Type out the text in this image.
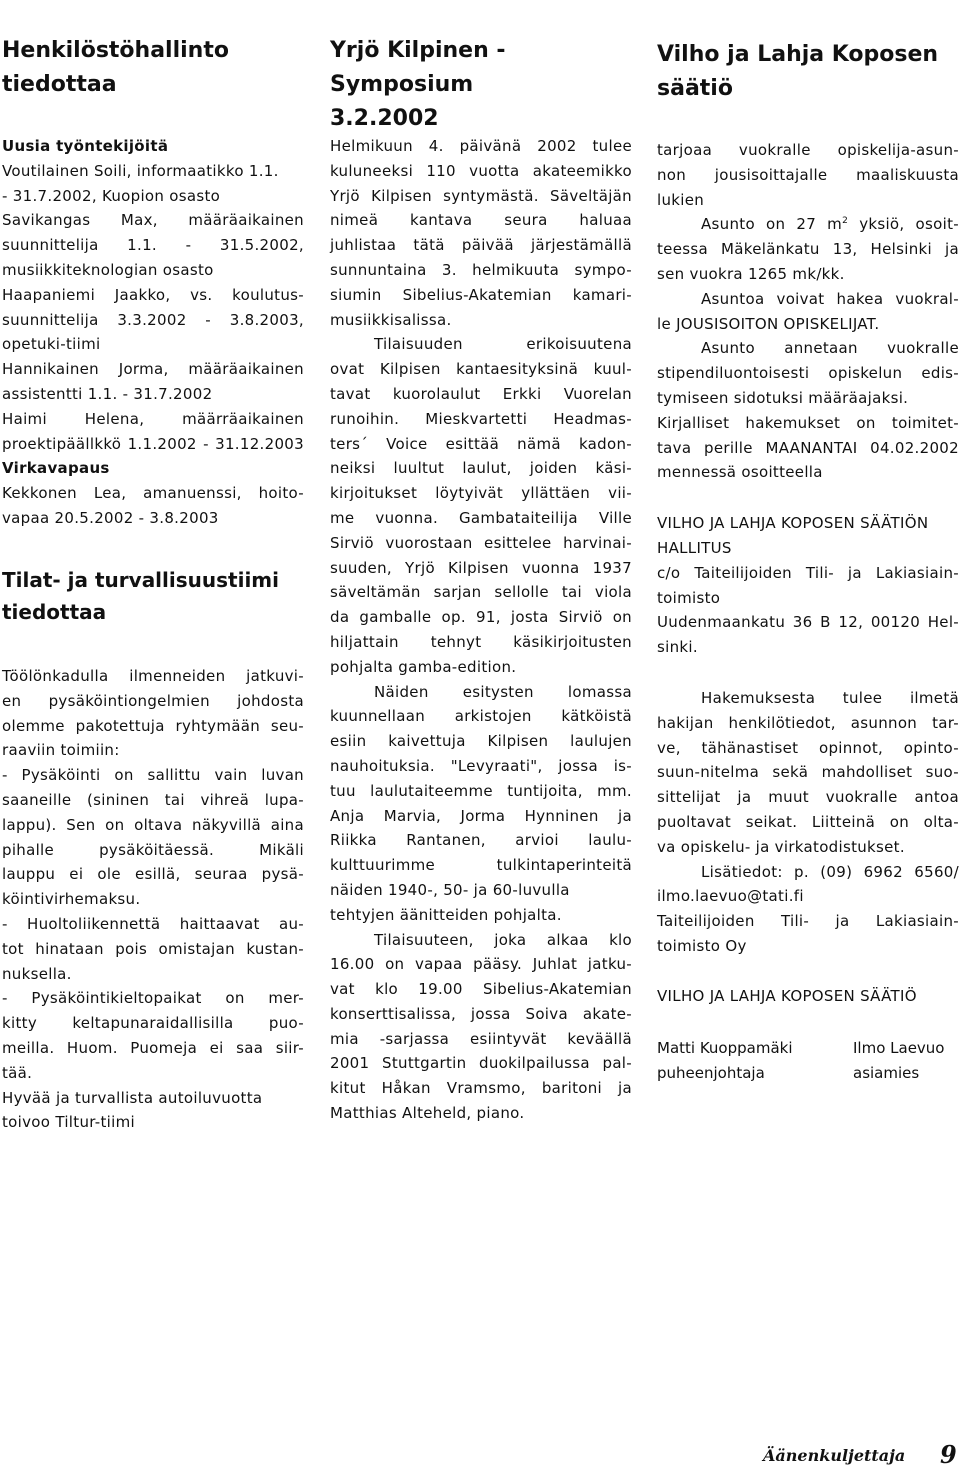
Henkilöstöhallinto
tiedottaa

Uusia työntekijöitä

Voutilainen Soili, informaatikko 1.1.

- 31.7.2002, Kuopion osasto

Savikangas Max, määräaikainen

suunnittelija 1.1. - 31.5.2002,

musiikkiteknologian osasto

Haapaniemi Jaakko, vs. koulutus-

suunnittelija 3.3.2002 - 3.8.2003,

opetuki-tiimi

Hannikainen Jorma, määräaikainen

assistentti 1.1. - 31.7.2002

Haimi Helena, määrräaikainen

proektipäällkkö 1.1.2002 - 31.12.2003

Virkavapaus

Kekkonen Lea, amanuenssi, hoito-

vapaa 20.5.2002 - 3.8.2003

Tilat- ja turvallisuustiimi
tiedottaa

Töölönkadulla ilmenneiden jatkuvi-

en pysäköintiongelmien johdosta

olemme pakotettuja ryhtymään seu-

raaviin toimiin:

- Pysäköinti on sallittu vain luvan

saaneille (sininen tai vihreä lupa-

lappu). Sen on oltava näkyvillä aina

pihalle pysäköitäessä. Mikäli

lauppu ei ole esillä, seuraa pysä-

köintivirhemaksu.

- Huoltoliikennettä haittaavat au-

tot hinataan pois omistajan kustan-

nuksella.

- Pysäköintikieltopaikat on mer-

kitty keltapunaraidallisilla puo-

meilla. Huom. Puomeja ei saa siir-

tää.

Hyvää ja turvallista autoiluvuotta

toivoo Tiltur-tiimi

Yrjö Kilpinen -Symposium
3.2.2002

Helmikuun 4. päivänä 2002 tulee

kuluneeksi 110 vuotta akateemikko

Yrjö Kilpisen syntymästä. Säveltäjän

nimeä kantava seura haluaa

juhlistaa tätä päivää järjestämällä

sunnuntaina 3. helmikuuta sympo-

siumin Sibelius-Akatemian kamari-

musiikkisalissa.

Tilaisuuden erikoisuutena

ovat Kilpisen kantaesityksinä kuul-

tavat kuorolaulut Erkki Vuorelan

runoihin. Mieskvartetti Headmas-

ters´ Voice esittää nämä kadon-

neiksi luultut laulut, joiden käsi-

kirjoitukset löytyivät yllättäen vii-

me vuonna. Gambataiteilija Ville

Sirviö vuorostaan esittelee harvinai-

suuden, Yrjö Kilpisen vuonna 1937

säveltämän sarjan sellolle tai viola

da gamballe op. 91, josta Sirviö on

hiljattain tehnyt käsikirjoitusten

pohjalta gamba-edition.

Näiden esitysten lomassa

kuunnellaan arkistojen kätköistä

esiin kaivettuja Kilpisen laulujen

nauhoituksia. "Levyraati", jossa is-

tuu laulutaiteemme tuntijoita, mm.

Anja Marvia, Jorma Hynninen ja

Riikka Rantanen, arvioi laulu-

kulttuurimme tulkintaperinteitä

näiden 1940-, 50- ja 60-luvulla

tehtyjen äänitteiden pohjalta.

Tilaisuuteen, joka alkaa klo

16.00 on vapaa pääsy. Juhlat jatku-

vat klo 19.00 Sibelius-Akatemian

konserttisalissa, jossa Soiva akate-

mia -sarjassa esiintyvät keväällä

2001 Stuttgartin duokilpailussa pal-

kitut Håkan Vramsmo, baritoni ja

Matthias Alteheld, piano.

Vilho ja Lahja Koposen
säätiö

tarjoaa vuokralle opiskelija-asun-

non jousisoittajalle maaliskuusta

lukien

Asunto on 27 $m^2$ yksiö, osoit-

teessa Mäkelänkatu 13, Helsinki ja

sen vuokra 1265 mk/kk.

Asuntoa voivat hakea vuokral-

le JOUSISOITON OPISKELIJAT.

Asunto annetaan vuokralle

stipendiluontoisesti opiskelun edis-

tymiseen sidotuksi määräajaksi.

Kirjalliset hakemukset on toimitet-

tava perille MAANANTAI 04.02.2002

mennessä osoitteella

VILHO JA LAHJA KOPOSEN SÄÄTIÖN

HALLITUS

c/o Taiteilijoiden Tili- ja Lakiasiain-

toimisto

Uudenmaankatu 36 B 12, 00120 Hel-

sinki.

Hakemuksesta tulee ilmetä

hakijan henkilötiedot, asunnon tar-

ve, tähänastiset opinnot, opinto-

suun-nitelma sekä mahdolliset suo-

sittelijat ja muut vuokralle antoa

puoltavat seikat. Liitteinä on olta-

va opiskelu- ja virkatodistukset.

Lisätiedot: p. (09) 6962 6560/

ilmo.laevuo@tati.fi

Taiteilijoiden Tili- ja Lakiasiain-

toimisto Oy

VILHO JA LAHJA KOPOSEN SÄÄTIÖ

Matti Kuoppamäki
puheenjohtaja
Ilmo Laevuo
asiamies
Äänenkuljettaja 9
